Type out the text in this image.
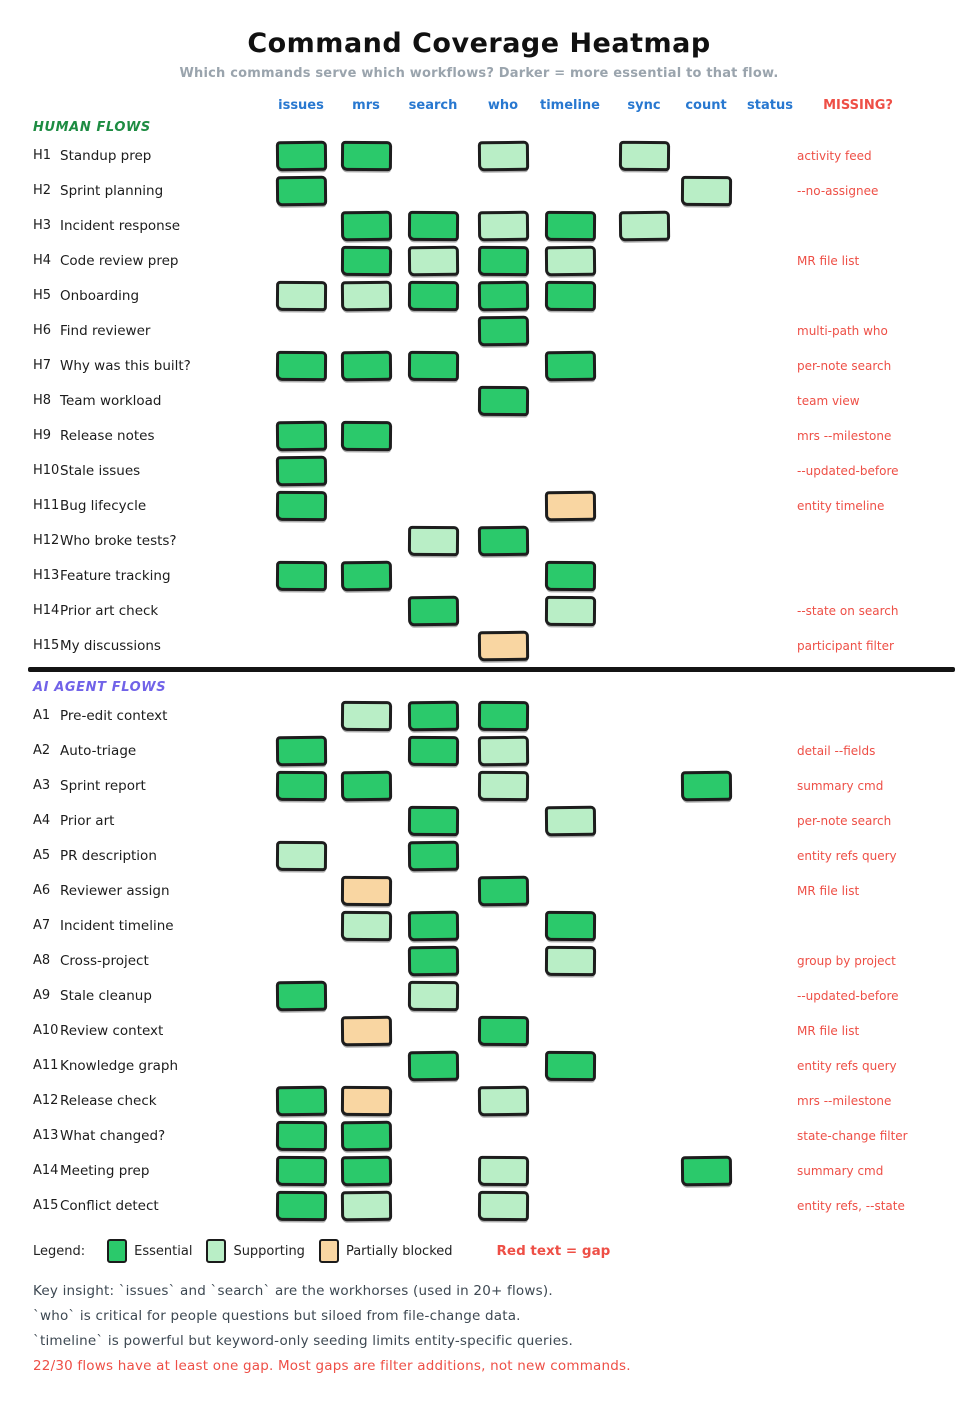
Command Coverage Heatmap
Which commands serve which workflows? Darker = more essential to that flow.
issues mrs search who timeline sync count status MISSING?
HUMAN FLOWS
H1 Standup prep	activity feed
H2 Sprint planning	--no-assignee
H3 Incident response
H4 Code review prep	MR file list
H5 Onboarding
H6 Find reviewer	multi-path who
H7 Why was this built?	per-note search
H8 Team workload	team view
H9 Release notes	mrs --milestone
H10 Stale issues	--updated-before
H11 Bug lifecycle	entity timeline
H12 Who broke tests?
H13 Feature tracking
H14 Prior art check	--state on search
H15 My discussions	participant filter
AI AGENT FLOWS
A1 Pre-edit context
A2 Auto-triage	detail --fields
A3 Sprint report	summary cmd
A4 Prior art	per-note search
A5 PR description	entity refs query
A6 Reviewer assign	MR file list
A7 Incident timeline
A8 Cross-project	group by project
A9 Stale cleanup	--updated-before
A10 Review context	MR file list
A11 Knowledge graph	entity refs query
A12 Release check	mrs --milestone
A13 What changed?	state-change filter
A14 Meeting prep	summary cmd
A15 Conflict detect	entity refs, --state
Legend:	Essential	Supporting	Partially blocked	Red text = gap
Key insight: `issues` and `search` are the workhorses (used in 20+ flows).
`who` is critical for people questions but siloed from file-change data.
`timeline` is powerful but keyword-only seeding limits entity-specific queries.
22/30 flows have at least one gap. Most gaps are filter additions, not new commands.
